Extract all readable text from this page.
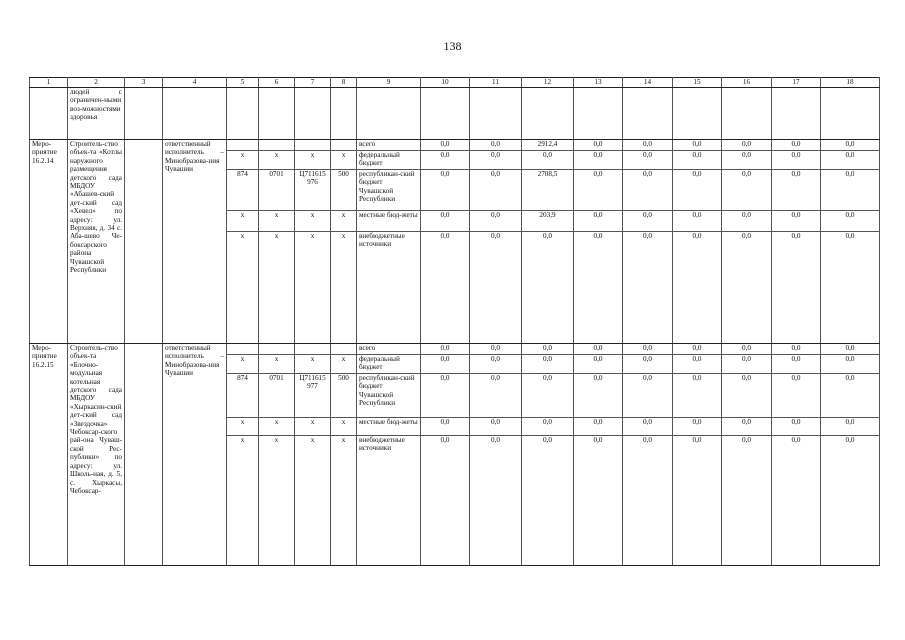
138
1	2	3	4	5	6	7	8	9	10	11	12	13	14	15	16	17	18
	людей с ограничен-ными воз-можностями здоровья																
Меро-приятие 16.2.14	Строитель-ство объек-та «Котлы наружного размещения детского сада МБДОУ «Абашев-ский дет-ский сад «Хевел» по адресу: ул. Верхняя, д. 34 с. Аба-шево Че-боксарского района Чувашской Республики		ответственный исполнитель – Минобразова-ния Чувашии					всего	0,0	0,0	2912,4	0,0	0,0	0,0	0,0	0,0	0,0
				x	x	x	x	федеральный бюджет	0,0	0,0	0,0	0,0	0,0	0,0	0,0	0,0	0,0
				874	0701	Ц711615 976	500	республикан-ский бюджет Чувашской Республики	0,0	0,0	2708,5	0,0	0,0	0,0	0,0	0,0	0,0
				x	x	x	x	местные бюд-жеты	0,0	0,0	203,9	0,0	0,0	0,0	0,0	0,0	0,0
				x	x	x	x	внебюджетные источники	0,0	0,0	0,0	0,0	0,0	0,0	0,0	0,0	0,0
Меро-приятие 16.2.15	Строитель-ство объек-та «Блочно-модульная котельная детского сада МБДОУ «Хыркасин-ский дет-ский сад «Звездочка» Чебоксар-ского рай-она Чуваш-ской Рес-публики» по адресу: ул. Школь-ная, д. 5, с. Хыркасы, Чебоксар-		ответственный исполнитель – Минобразова-ния Чувашии					всего	0,0	0,0	0,0	0,0	0,0	0,0	0,0	0,0	0,0
				x	x	x	x	федеральный бюджет	0,0	0,0	0,0	0,0	0,0	0,0	0,0	0,0	0,0
				874	0701	Ц711615 977	500	республикан-ский бюджет Чувашской Республики	0,0	0,0	0,0	0,0	0,0	0,0	0,0	0,0	0,0
				x	x	x	x	местные бюд-жеты	0,0	0,0	0,0	0,0	0,0	0,0	0,0	0,0	0,0
				x	x	x	x	внебюджетные источники	0,0	0,0	0,0	0,0	0,0	0,0	0,0	0,0	0,0
